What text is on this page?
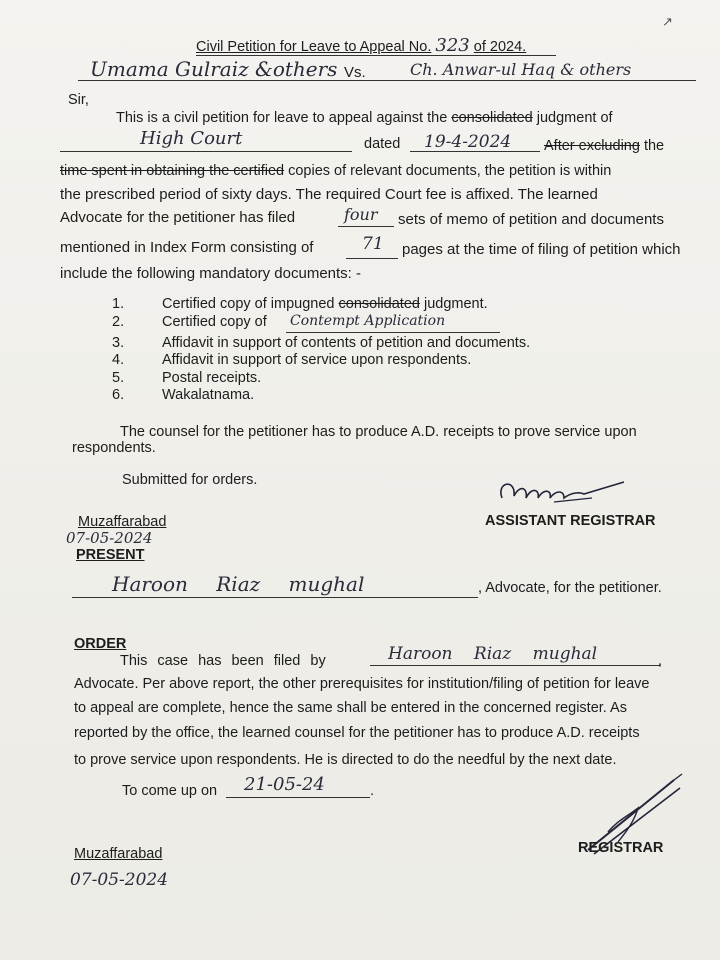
↗
Civil Petition for Leave to Appeal No. 323 of 2024.
Umama Gulraiz &others Vs.	Ch. Anwar-ul Haq & others
Sir,
This is a civil petition for leave to appeal against the consolidated judgment of
High Court	dated 19-4-2024 After excluding the
time spent in obtaining the certified copies of relevant documents, the petition is within
the prescribed period of sixty days. The required Court fee is affixed. The learned
Advocate for the petitioner has filed	four sets of memo of petition and documents
mentioned in Index Form consisting of	71 pages at the time of filing of petition which
include the following mandatory documents: -
1.	Certified copy of impugned consolidated judgment.
2.	Certified copy of Contempt Application
3.	Affidavit in support of contents of petition and documents.
4.	Affidavit in support of service upon respondents.
5.	Postal receipts.
6.	Wakalatnama.
The counsel for the petitioner has to produce A.D. receipts to prove service upon
respondents.
Submitted for orders.
ASSISTANT REGISTRAR
Muzaffarabad
07-05-2024
PRESENT
Haroon Riaz mughal	, Advocate, for the petitioner.
ORDER
This case has been filed by	Haroon Riaz mughal	,
Advocate. Per above report, the other prerequisites for institution/filing of petition for leave
to appeal are complete, hence the same shall be entered in the concerned register. As
reported by the office, the learned counsel for the petitioner has to produce A.D. receipts
to prove service upon respondents. He is directed to do the needful by the next date.
To come up on 21-05-24	.
REGISTRAR
Muzaffarabad
07-05-2024
